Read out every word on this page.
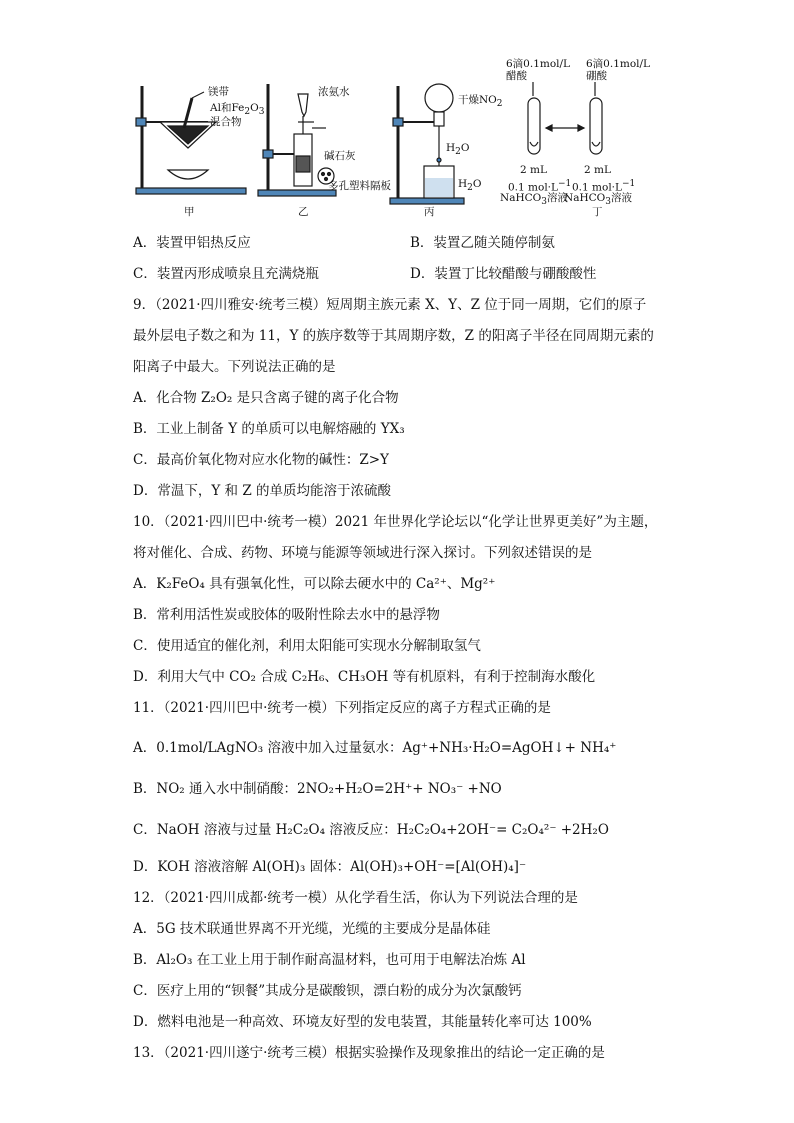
镁带
Al和$Fe_2O_3$
混合物
甲
浓氨水
碱石灰
多孔塑料隔板
乙
干燥$NO_2$
$H_2O$
$H_2O$
丙
6滴0.1mol/L
醋酸
6滴0.1mol/L
硼酸
2 mL	2 mL
0.1 $mol\cdot L^{-1}$ 0.1 $mol\cdot L^{-1}$
NaHCO$_3$溶液
NaHCO$_3$溶液
丁
A．装置甲铝热反应	B．装置乙随关随停制氨
C．装置丙形成喷泉且充满烧瓶	D．装置丁比较醋酸与硼酸酸性
9．（2021·四川雅安·统考三模）短周期主族元素 X、Y、Z 位于同一周期，它们的原子
最外层电子数之和为 11，Y 的族序数等于其周期序数，Z 的阳离子半径在同周期元素的
阳离子中最大。下列说法正确的是
A．化合物 Z₂O₂ 是只含离子键的离子化合物
B．工业上制备 Y 的单质可以电解熔融的 YX₃
C．最高价氧化物对应水化物的碱性：Z>Y
D．常温下，Y 和 Z 的单质均能溶于浓硫酸
10．（2021·四川巴中·统考一模）2021 年世界化学论坛以“化学让世界更美好”为主题，
将对催化、合成、药物、环境与能源等领域进行深入探讨。下列叙述错误的是
A．K₂FeO₄ 具有强氧化性，可以除去硬水中的 Ca²⁺、Mg²⁺
B．常利用活性炭或胶体的吸附性除去水中的悬浮物
C．使用适宜的催化剂，利用太阳能可实现水分解制取氢气
D．利用大气中 CO₂ 合成 C₂H₆、CH₃OH 等有机原料，有利于控制海水酸化
11．（2021·四川巴中·统考一模）下列指定反应的离子方程式正确的是
A．0.1mol/LAgNO₃ 溶液中加入过量氨水：Ag⁺+NH₃·H₂O=AgOH↓+ NH₄⁺
B．NO₂ 通入水中制硝酸：2NO₂+H₂O=2H⁺+ NO₃⁻ +NO
C．NaOH 溶液与过量 H₂C₂O₄ 溶液反应：H₂C₂O₄+2OH⁻= C₂O₄²⁻ +2H₂O
D．KOH 溶液溶解 Al(OH)₃ 固体：Al(OH)₃+OH⁻=[Al(OH)₄]⁻
12．（2021·四川成都·统考一模）从化学看生活，你认为下列说法合理的是
A．5G 技术联通世界离不开光缆，光缆的主要成分是晶体硅
B．Al₂O₃ 在工业上用于制作耐高温材料，也可用于电解法冶炼 Al
C．医疗上用的“钡餐”其成分是碳酸钡，漂白粉的成分为次氯酸钙
D．燃料电池是一种高效、环境友好型的发电装置，其能量转化率可达 100%
13．（2021·四川遂宁·统考三模）根据实验操作及现象推出的结论一定正确的是
